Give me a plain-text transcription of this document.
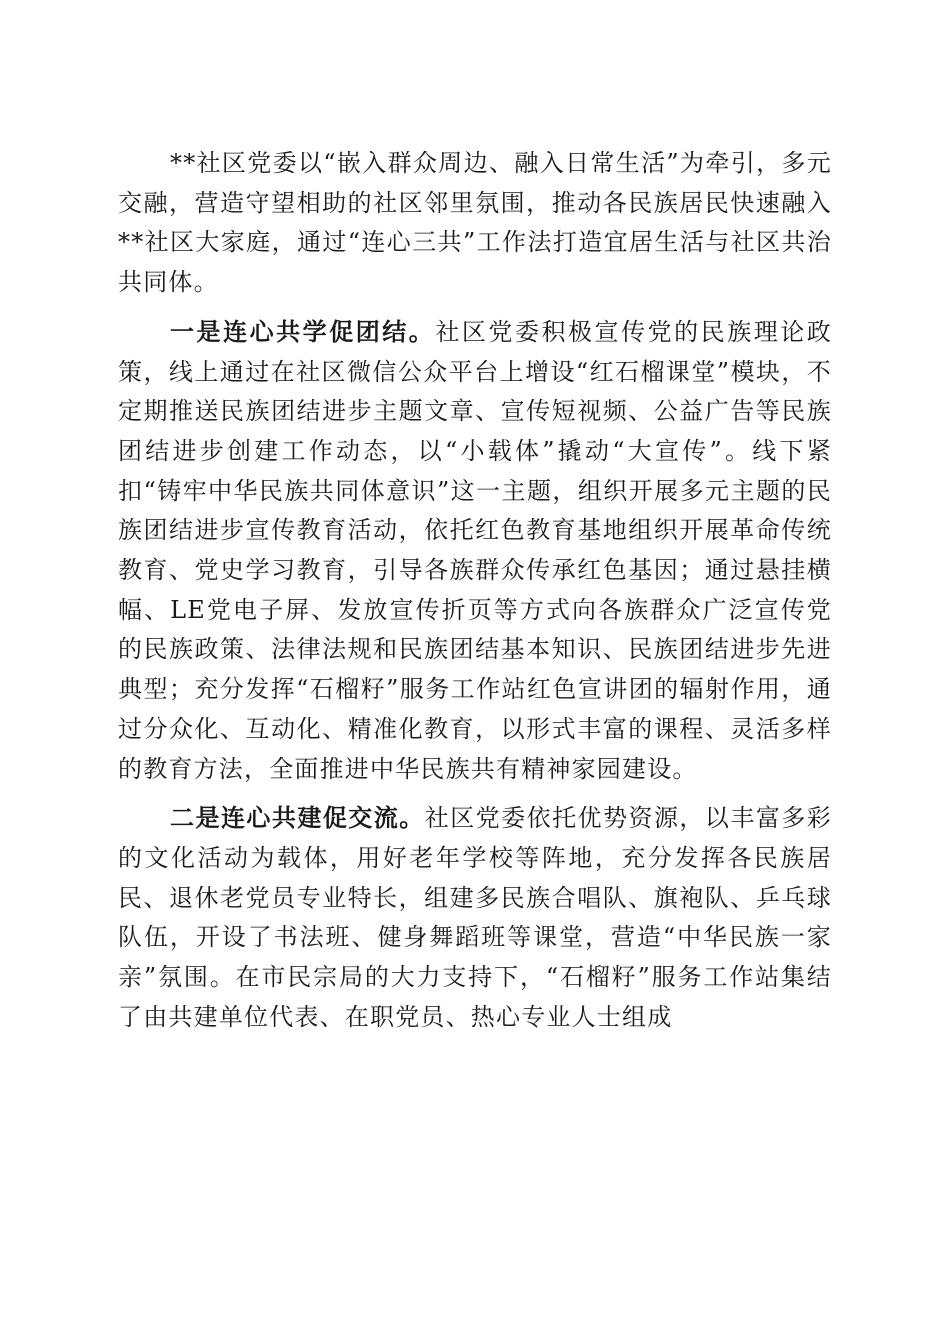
**社区党委以“嵌入群众周边、融入日常生活”为牵引，多元交融，营造守望相助的社区邻里氛围，推动各民族居民快速融入**社区大家庭，通过“连心三共”工作法打造宜居生活与社区共治共同体。

一是连心共学促团结。社区党委积极宣传党的民族理论政策，线上通过在社区微信公众平台上增设“红石榴课堂”模块，不定期推送民族团结进步主题文章、宣传短视频、公益广告等民族团结进步创建工作动态，以“小载体”撬动“大宣传”。线下紧扣“铸牢中华民族共同体意识”这一主题，组织开展多元主题的民族团结进步宣传教育活动，依托红色教育基地组织开展革命传统教育、党史学习教育，引导各族群众传承红色基因；通过悬挂横幅、LE党电子屏、发放宣传折页等方式向各族群众广泛宣传党的民族政策、法律法规和民族团结基本知识、民族团结进步先进典型；充分发挥“石榴籽”服务工作站红色宣讲团的辐射作用，通过分众化、互动化、精准化教育，以形式丰富的课程、灵活多样的教育方法，全面推进中华民族共有精神家园建设。

二是连心共建促交流。社区党委依托优势资源，以丰富多彩的文化活动为载体，用好老年学校等阵地，充分发挥各民族居民、退休老党员专业特长，组建多民族合唱队、旗袍队、乒乓球队伍，开设了书法班、健身舞蹈班等课堂，营造“中华民族一家亲”氛围。在市民宗局的大力支持下，“石榴籽”服务工作站集结了由共建单位代表、在职党员、热心专业人士组成
